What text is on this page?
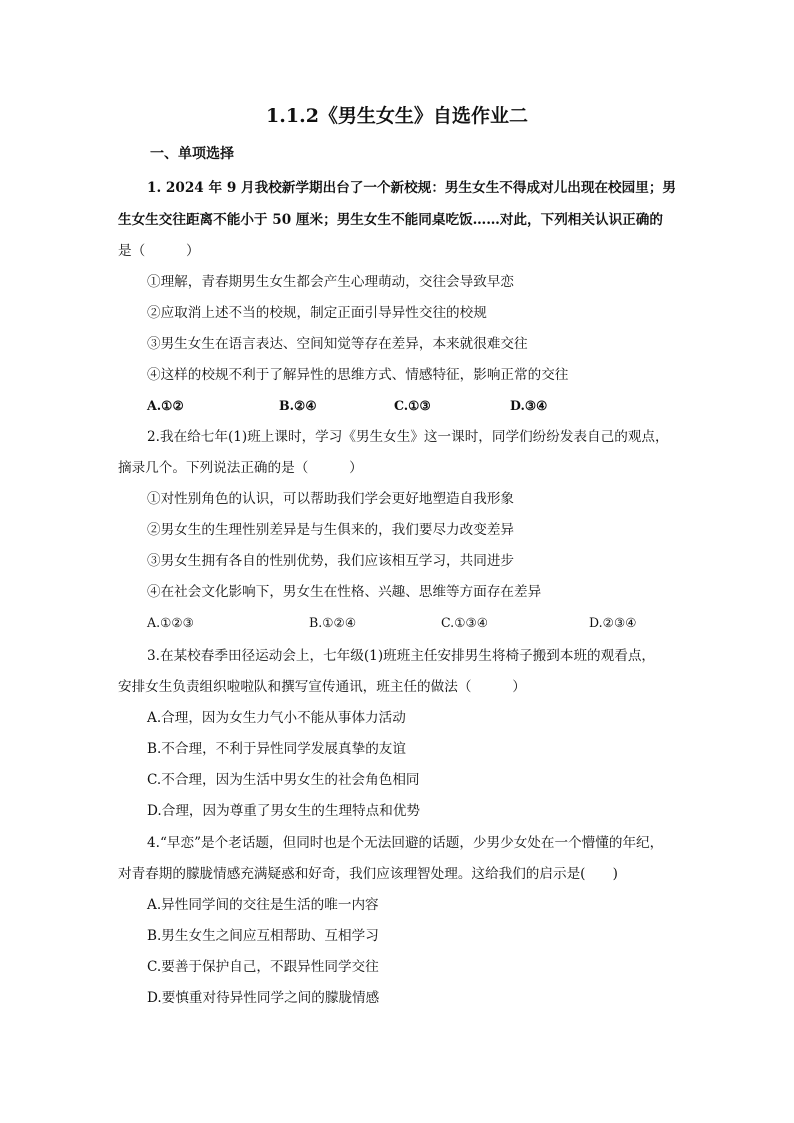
1.1.2《男生女生》自选作业二
一、单项选择
1. 2024 年 9 月我校新学期出台了一个新校规：男生女生不得成对儿出现在校园里；男
生女生交往距离不能小于 50 厘米；男生女生不能同桌吃饭……对此，下列相关认识正确的
是（　　　）
①理解，青春期男生女生都会产生心理萌动，交往会导致早恋
②应取消上述不当的校规，制定正面引导异性交往的校规
③男生女生在语言表达、空间知觉等存在差异，本来就很难交往
④这样的校规不利于了解异性的思维方式、情感特征，影响正常的交往
A.①②	B.②④	C.①③	D.③④
2.我在给七年(1)班上课时，学习《男生女生》这一课时，同学们纷纷发表自己的观点，
摘录几个。下列说法正确的是（　　　）
①对性别角色的认识，可以帮助我们学会更好地塑造自我形象
②男女生的生理性别差异是与生俱来的，我们要尽力改变差异
③男女生拥有各自的性别优势，我们应该相互学习，共同进步
④在社会文化影响下，男女生在性格、兴趣、思维等方面存在差异
A.①②③	B.①②④	C.①③④	D.②③④
3.在某校春季田径运动会上，七年级(1)班班主任安排男生将椅子搬到本班的观看点，
安排女生负责组织啦啦队和撰写宣传通讯，班主任的做法（　　　）
A.合理，因为女生力气小不能从事体力活动
B.不合理，不利于异性同学发展真挚的友谊
C.不合理，因为生活中男女生的社会角色相同
D.合理，因为尊重了男女生的生理特点和优势
4.“早恋”是个老话题，但同时也是个无法回避的话题，少男少女处在一个懵懂的年纪，
对青春期的朦胧情感充满疑惑和好奇，我们应该理智处理。这给我们的启示是(　　)
A.异性同学间的交往是生活的唯一内容
B.男生女生之间应互相帮助、互相学习
C.要善于保护自己，不跟异性同学交往
D.要慎重对待异性同学之间的朦胧情感
